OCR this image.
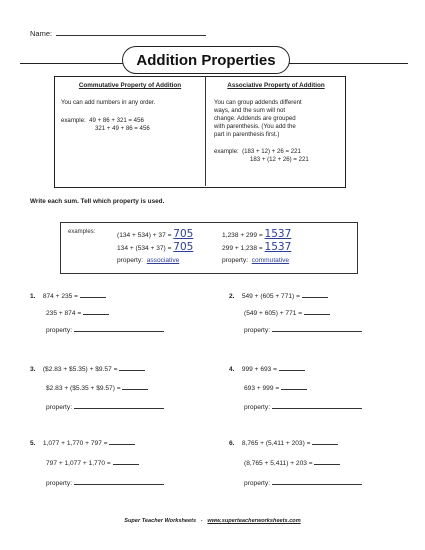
Name:
Addition Properties
Commutative Property of Addition
You can add numbers in any order.
example: 49 + 86 + 321 = 456
321 + 49 + 86 = 456
Associative Property of Addition
You can group addends different
ways, and the sum will not
change. Addends are grouped
with parenthesis. (You add the
part in parenthesis first.)
example: (183 + 12) + 26 = 221
183 + (12 + 26) = 221
Write each sum. Tell which property is used.
examples:	(134 + 534) + 37 = 705
134 + (534 + 37) = 705
property: associative
1,238 + 299 = 1537
299 + 1,238 = 1537
property: commutative
1. 874 + 235 =
235 + 874 =
property:
2. 549 + (605 + 771) =
(549 + 605) + 771 =
property:
3. ($2.83 + $5.35) + $9.57 =
$2.83 + ($5.35 + $9.57) =
property:
4. 999 + 693 =
693 + 999 =
property:
5. 1,077 + 1,770 + 797 =
797 + 1,077 + 1,770 =
property:
6. 8,765 + (5,411 + 203) =
(8,765 + 5,411) + 203 =
property:
Super Teacher Worksheets - www.superteacherworksheets.com
